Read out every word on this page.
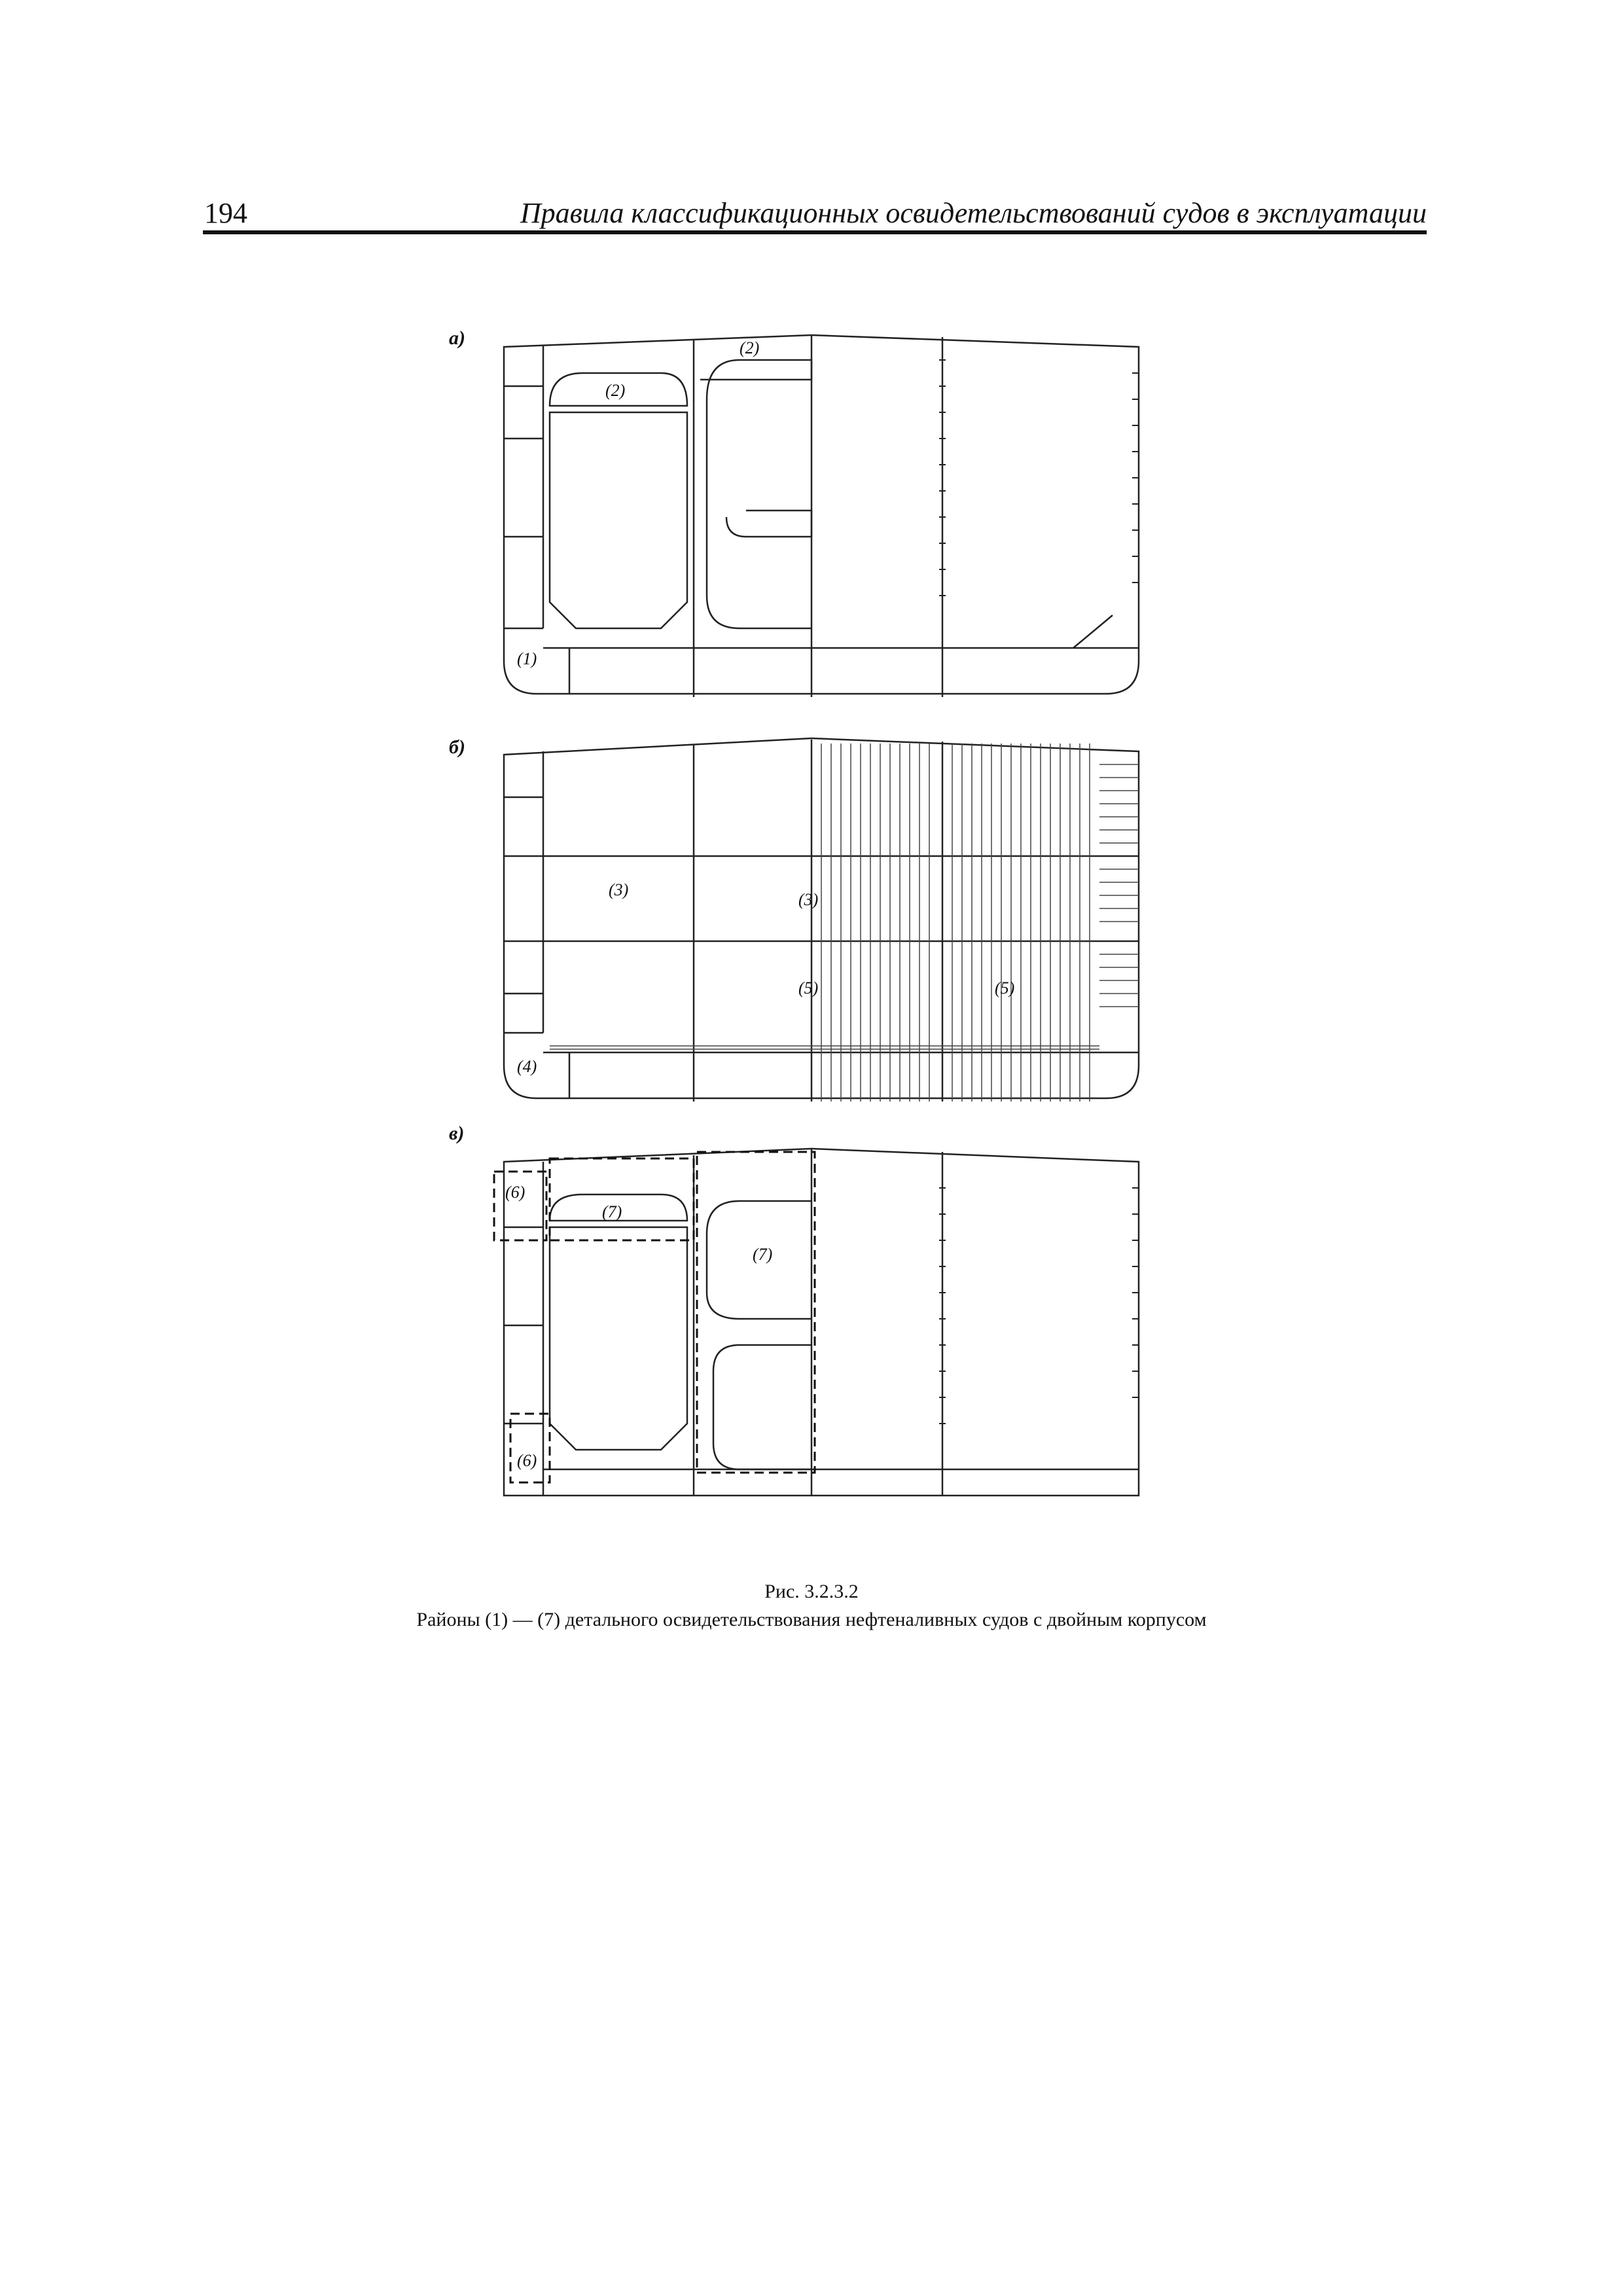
194	Правила классификационных освидетельствований судов в эксплуатации
а)
(2)
(2)
(1)
б)
(3)
(3)
(5)	(5)
(4)
в)
(6)
(7)
(7)
(6)
Рис. 3.2.3.2
Районы (1) — (7) детального освидетельствования нефтеналивных судов с двойным корпусом
